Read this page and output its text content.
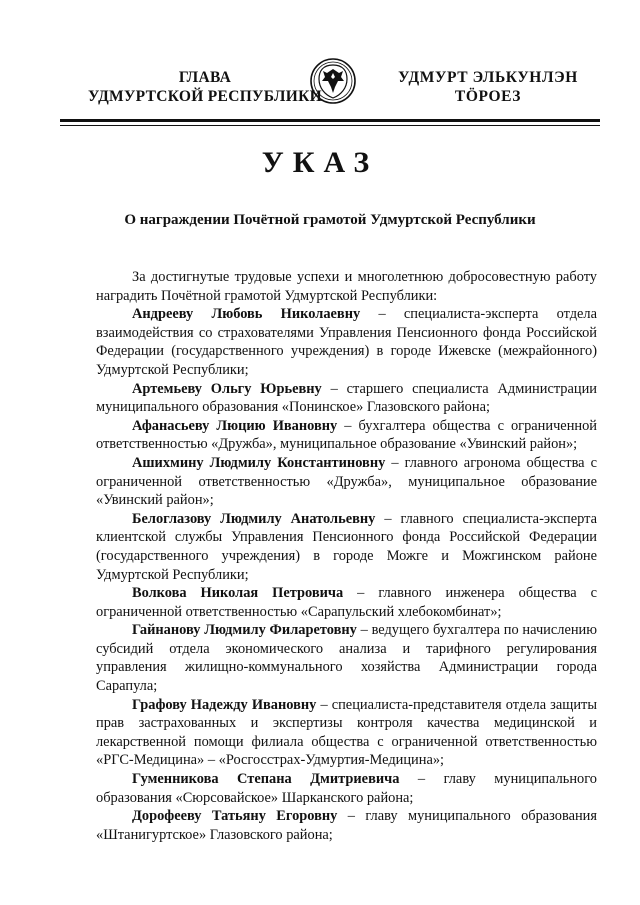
ГЛАВА
УДМУРТСКОЙ РЕСПУБЛИКИ
УДМУРТ ЭЛЬКУНЛЭН
ТӦРОЕЗ
УКАЗ
О награждении Почётной грамотой Удмуртской Республики

За достигнутые трудовые успехи и многолетнюю добросовестную работу наградить Почётной грамотой Удмуртской Республики:

Андрееву Любовь Николаевну – специалиста-эксперта отдела взаимодействия со страхователями Управления Пенсионного фонда Российской Федерации (государственного учреждения) в городе Ижевске (межрайонного) Удмуртской Республики;

Артемьеву Ольгу Юрьевну – старшего специалиста Администрации муниципального образования «Понинское» Глазовского района;

Афанасьеву Люцию Ивановну – бухгалтера общества с ограниченной ответственностью «Дружба», муниципальное образование «Увинский район»;

Ашихмину Людмилу Константиновну – главного агронома общества с ограниченной ответственностью «Дружба», муниципальное образование «Увинский район»;

Белоглазову Людмилу Анатольевну – главного специалиста-эксперта клиентской службы Управления Пенсионного фонда Российской Федерации (государственного учреждения) в городе Можге и Можгинском районе Удмуртской Республики;

Волкова Николая Петровича – главного инженера общества с ограниченной ответственностью «Сарапульский хлебокомбинат»;

Гайнанову Людмилу Филаретовну – ведущего бухгалтера по начислению субсидий отдела экономического анализа и тарифного регулирования управления жилищно-коммунального хозяйства Администрации города Сарапула;

Графову Надежду Ивановну – специалиста-представителя отдела защиты прав застрахованных и экспертизы контроля качества медицинской и лекарственной помощи филиала общества с ограниченной ответственностью «РГС-Медицина» – «Росгосстрах-Удмуртия-Медицина»;

Гуменникова Степана Дмитриевича – главу муниципального образования «Сюрсовайское» Шарканского района;

Дорофееву Татьяну Егоровну – главу муниципального образования «Штанигуртское» Глазовского района;
